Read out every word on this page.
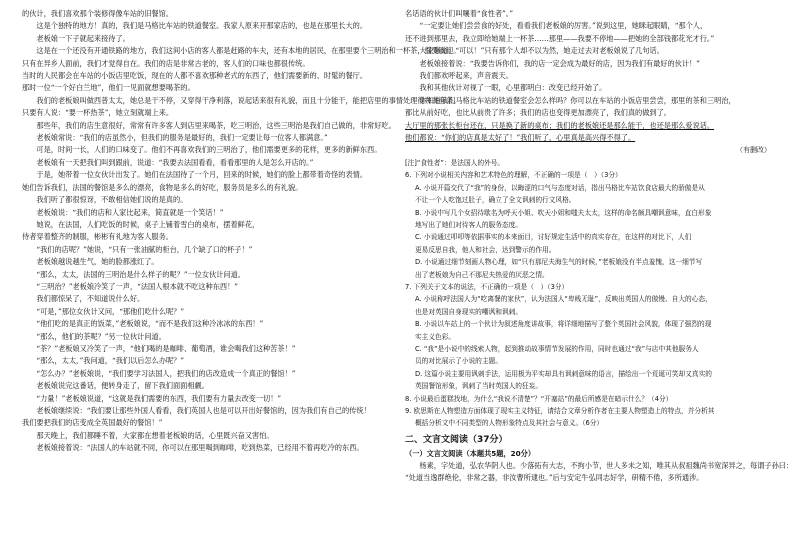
的伙计，我们喜欢那个装修得像车站的旧餐馆。

这是个独特的地方！真的，我们是马格比车站的铁道餐室。我家人原来开那家店的，也是在那里长大的。

老板娘一下子就起来接待了。

这是在一个还没有开通铁路的地方，我们这间小店的客人都是赶路的车夫，还有本地的居民，在那里要个三明治和一杯茶，很受欢迎。

只有在异乡人面前，我们才觉得自在。我们的店是非常古老的，客人们的口味也都很传统。

当时的人民都会在车站的小饭店里吃饭，现在的人都不喜欢那种老式的东西了，他们需要新的、时髦的餐厅。

那时一位“一个好白兰地”，他们一见面就想要喝茶的。

我们的老板娘叫做西普太太，她总是干不停，又穿得干净利落，说起话来很有礼貌，而且十分能干，能把店里的事情处理得井井有条。

只要有人说：“要一杯热茶”，她立刻就端上来。

那些年，我们的店生意很好，常常有许多客人到店里来喝茶，吃三明治，这些三明治是我们自己做的，非常好吃。

老板娘常说：“我们的店虽然小，但我们的服务是最好的，我们一定要让每一位客人都满意。”

可是，时间一长，人们的口味变了。他们不再喜欢我们的三明治了，他们需要更多的花样，更多的新鲜东西。

老板娘有一天把我们叫到跟前，说道：“我要去法国看看，看看那里的人是怎么开店的。”

于是，她带着一位女伙计出发了。她们在法国待了一个月，回来的时候，她们的脸上都带着奇怪的表情。

她们告诉我们，法国的餐馆是多么的漂亮，食物是多么的好吃，服务员是多么的有礼貌。

我们听了都很惊讶，不敢相信她们说的是真的。

老板娘说：“我们的店和人家比起来，简直就是一个笑话！”

她说，在法国，人们吃饭的时候，桌子上铺着雪白的桌布，摆着鲜花，

侍者穿着整齐的制服，彬彬有礼地为客人服务。

“我们的店呢？”她说，“只有一张油腻的柜台，几个缺了口的杯子！”

老板娘越说越生气，她的脸都涨红了。

“那么，太太，法国的三明治是什么样子的呢？”一位女伙计问道。

“三明治？”老板娘冷笑了一声，“法国人根本就不吃这种东西！”

我们都惊呆了，不知道说什么好。

“可是，”那位女伙计又问，“那他们吃什么呢？”

“他们吃的是真正的饭菜，”老板娘说，“而不是我们这种冷冰冰的东西！”

“那么，他们的茶呢？”另一位伙计问道。

“茶？”老板娘又冷笑了一声，“他们喝的是咖啡、葡萄酒，谁会喝我们这种苦茶！”

“那么，太太，”我问道，“我们以后怎么办呢？”

“怎么办？”老板娘说，“我们要学习法国人，把我们的店改造成一个真正的餐馆！”

老板娘说完这番话，便转身走了，留下我们面面相觑。

“力量！”老板娘说道，“这就是我们需要的东西，我们要有力量去改变一切！”

老板娘继续说：“我们要让那些外国人看看，我们英国人也是可以开出好餐馆的，因为我们有自己的传统！

我们要把我们的店变成全英国最好的餐馆！”

那天晚上，我们都睡不着，大家都在想着老板娘的话，心里既兴奋又害怕。

老板娘接着说：“法国人的车站就不同，你可以在那里喝到咖啡，吃到热菜，已经用不着再吃冷的东西。

名话语的伙计们叫嚷着“食性者”。”

“一定要让她们尝尝食的好处，看看我们老板娘的厉害。”说到这里，她眯起眼睛，“那个人，

还不进到那里去，我立即给她端上一杯茶……那里——我要不停地——把她的全部钱都花光才行。”

大家喊道：“可以！”只有那个人却不以为然，她走过去对老板娘说了几句话。

老板娘接着说：“我要告诉你们，我的店一定会成为最好的店，因为我们有最好的伙计！”

我们都欢呼起来，声音震天。

我和其他伙计对视了一眼，心里都明白：改变已经开始了。

你知道我们马格比车站的铁道餐室会怎么样吗？你可以在车站的小饭店里尝尝，那里的茶和三明治，

都比从前好吃，也比从前贵了许多；我们的店也变得更加漂亮了，我们真的做到了。

大厅里的那张长柜台还在，只是换了新的桌布；我们的老板娘还是那么能干，也还是那么爱说话。

他们都说：“你们的店真是太好了！”我们听了，心里真是高兴得不得了。

（有删改）

[注]“食性者”：是法国人的外号。

6. 下列对小说相关内容和艺术特色的理解，不正确的一项是（　）（3分）

A. 小说开篇交代了“我”的身份，以晦涩的口气与态度对话，指出马格比车站饮食店最大的骄傲是从

不让一个人吃饱过肚子，确立了全文讽刺的行文风格。

B. 小说中写几个女招待歇名为呼天小姐、吹天小姐和嗤夫太太，这样的命名颇具嘲讽意味，直白形象

地写出了她们对待客人的服务态度。

C. 小说通过叩叩等依据事实的本来面目，讨好规定生活中的真实存在，在这样的对比下，人们

更易反思自我，他人和社会，达到警示的作用。

D. 小说通过细节刻画人物心理，如“只有那尼夫海生气的时候，”老板娘没有半点羞愧，这一细节写

出了老板娘为自己不那尼夫热爱的厌恶之情。

7. 下列关于文本的说法，不正确的一项是（　）（3分）

A. 小说称呼法国人为“吃离餐的家伙”，认为法国人“卑贱无耻”，反映出英国人的傲慢、自大的心态，

也是对英国自身现实的嘲讽和讽刺。

B. 小说以车站上的一个伙计为叙述角度讲故事，将详细地描写了整个英国社会风貌，体现了强烈的现

实主义色彩。

C. “我”是小说中的线索人物，起到推动故事情节发展的作用，同时也通过“我”与店中其他服务人

员的对比展示了小说的主题。

D. 这篇小说主要用讽刺手法，运用极为平实却具有讽刺意味的语言，描绘出一个荒诞可笑却又真实的

英国餐馆形象，讽刺了当时英国人的狂妄。

8. 小说最后蛋糕找地，为什么“我说不清楚”？“开塞站”的最后所感是在暗示什么？（4分）

9. 欧思斯在人物塑造方面体现了现实主义特征，请结合文章分析作者在主要人物塑造上的特点，并分析其

概括分析文中不同类型的人物形象特点及其社会与意义。（6分）

二、文言文阅读（37分）

（一）文言文阅读（本题共5题，20分）

杨素，字处道，弘农华阴人也。少落拓有大志，不拘小节，世人多未之知，唯其从叔祖魏尚书宽深异之，每谓子孙曰：

“处道当逸群绝伦，非常之器，非汝曹所逮也。”后与安定牛弘同志好学，研精不倦，多所通涉。
